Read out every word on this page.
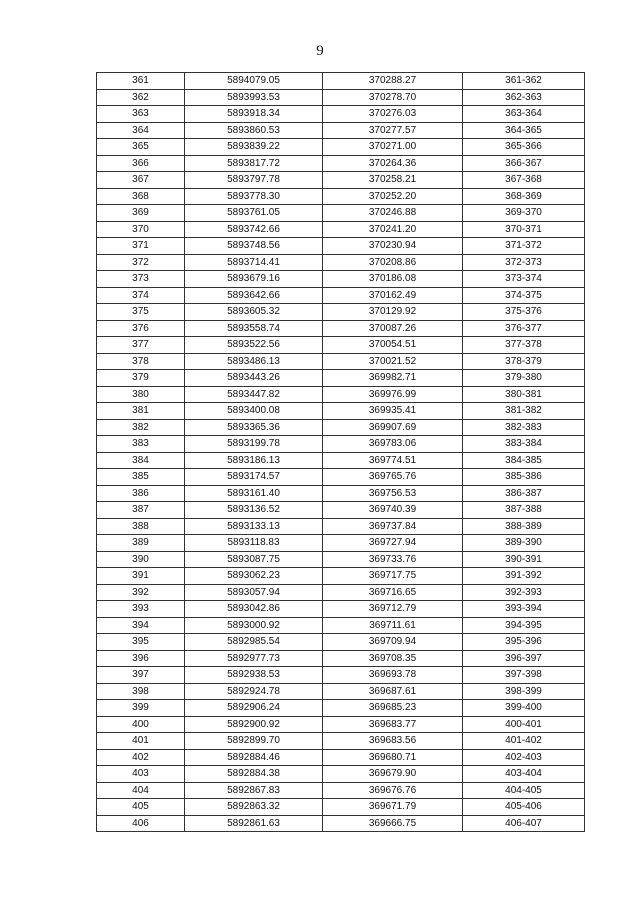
9
361	5894079.05	370288.27	361-362
362	5893993.53	370278.70	362-363
363	5893918.34	370276.03	363-364
364	5893860.53	370277.57	364-365
365	5893839.22	370271.00	365-366
366	5893817.72	370264.36	366-367
367	5893797.78	370258.21	367-368
368	5893778.30	370252.20	368-369
369	5893761.05	370246.88	369-370
370	5893742.66	370241.20	370-371
371	5893748.56	370230.94	371-372
372	5893714.41	370208.86	372-373
373	5893679.16	370186.08	373-374
374	5893642.66	370162.49	374-375
375	5893605.32	370129.92	375-376
376	5893558.74	370087.26	376-377
377	5893522.56	370054.51	377-378
378	5893486.13	370021.52	378-379
379	5893443.26	369982.71	379-380
380	5893447.82	369976.99	380-381
381	5893400.08	369935.41	381-382
382	5893365.36	369907.69	382-383
383	5893199.78	369783.06	383-384
384	5893186.13	369774.51	384-385
385	5893174.57	369765.76	385-386
386	5893161.40	369756.53	386-387
387	5893136.52	369740.39	387-388
388	5893133.13	369737.84	388-389
389	5893118.83	369727.94	389-390
390	5893087.75	369733.76	390-391
391	5893062.23	369717.75	391-392
392	5893057.94	369716.65	392-393
393	5893042.86	369712.79	393-394
394	5893000.92	369711.61	394-395
395	5892985.54	369709.94	395-396
396	5892977.73	369708.35	396-397
397	5892938.53	369693.78	397-398
398	5892924.78	369687.61	398-399
399	5892906.24	369685.23	399-400
400	5892900.92	369683.77	400-401
401	5892899.70	369683.56	401-402
402	5892884.46	369680.71	402-403
403	5892884.38	369679.90	403-404
404	5892867.83	369676.76	404-405
405	5892863.32	369671.79	405-406
406	5892861.63	369666.75	406-407
